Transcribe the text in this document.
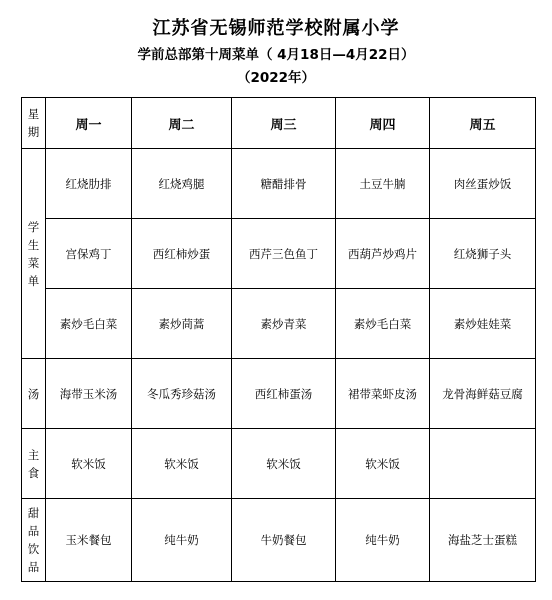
江苏省无锡师范学校附属小学
学前总部第十周菜单（ 4月18日—4月22日）
（2022年）
星
期	周一	周二	周三	周四	周五

学
生
菜
单	红烧肋排	红烧鸡腿	糖醋排骨	土豆牛腩	肉丝蛋炒饭
	宫保鸡丁	西红柿炒蛋	西芹三色鱼丁	西葫芦炒鸡片	红烧狮子头
	素炒毛白菜	素炒茼蒿	素炒青菜	素炒毛白菜	素炒娃娃菜

汤	海带玉米汤	冬瓜秀珍菇汤	西红柿蛋汤	裙带菜虾皮汤	龙骨海鲜菇豆腐

主
食	软米饭	软米饭	软米饭	软米饭	

甜
品
饮
品	玉米餐包	纯牛奶	牛奶餐包	纯牛奶	海盐芝士蛋糕
